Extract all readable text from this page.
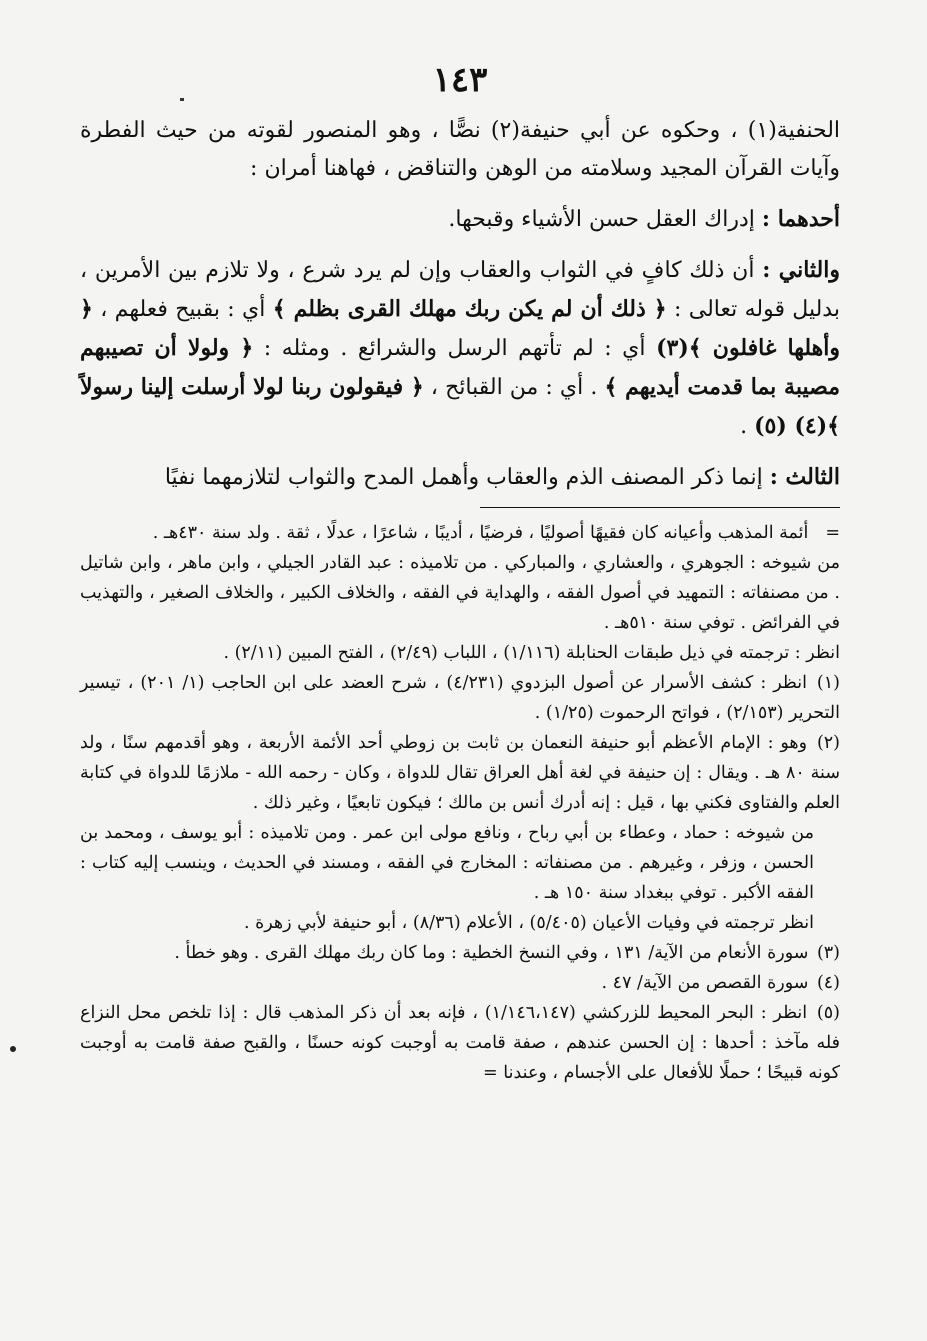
١٤٣

الحنفية(١) ، وحكوه عن أبي حنيفة(٢) نصًّا ، وهو المنصور لقوته من حيث الفطرة وآيات القرآن المجيد وسلامته من الوهن والتناقض ، فهاهنا أمران :

أحدهما : إدراك العقل حسن الأشياء وقبحها.

والثاني : أن ذلك كافٍ في الثواب والعقاب وإن لم يرد شرع ، ولا تلازم بين الأمرين ، بدليل قوله تعالى : ﴿ ذلك أن لم يكن ربك مهلك القرى بظلم ﴾ أي : بقبيح فعلهم ، ﴿ وأهلها غافلون ﴾(٣) أي : لم تأتهم الرسل والشرائع . ومثله : ﴿ ولولا أن تصيبهم مصيبة بما قدمت أيديهم ﴾ . أي : من القبائح ، ﴿ فيقولون ربنا لولا أرسلت إلينا رسولاً ﴾(٤) (٥) .

الثالث : إنما ذكر المصنف الذم والعقاب وأهمل المدح والثواب لتلازمهما نفيًا

= أئمة المذهب وأعيانه كان فقيهًا أصوليًا ، فرضيًا ، أديبًا ، شاعرًا ، عدلًا ، ثقة . ولد سنة ٤٣٠هـ .

من شيوخه : الجوهري ، والعشاري ، والمباركي . من تلاميذه : عبد القادر الجيلي ، وابن ماهر ، وابن شاتيل . من مصنفاته : التمهيد في أصول الفقه ، والهداية في الفقه ، والخلاف الكبير ، والخلاف الصغير ، والتهذيب في الفرائض . توفي سنة ٥١٠هـ .

انظر : ترجمته في ذيل طبقات الحنابلة (١/١١٦) ، اللباب (٢/٤٩) ، الفتح المبين (٢/١١) .

(١) انظر : كشف الأسرار عن أصول البزدوي (٤/٢٣١) ، شرح العضد على ابن الحاجب (١/ ٢٠١) ، تيسير التحرير (٢/١٥٣) ، فواتح الرحموت (١/٢٥) .

(٢) وهو : الإمام الأعظم أبو حنيفة النعمان بن ثابت بن زوطي أحد الأئمة الأربعة ، وهو أقدمهم سنًا ، ولد سنة ٨٠ هـ . ويقال : إن حنيفة في لغة أهل العراق تقال للدواة ، وكان - رحمه الله - ملازمًا للدواة في كتابة العلم والفتاوى فكني بها ، قيل : إنه أدرك أنس بن مالك ؛ فيكون تابعيًا ، وغير ذلك .

من شيوخه : حماد ، وعطاء بن أبي رباح ، ونافع مولى ابن عمر . ومن تلاميذه : أبو يوسف ، ومحمد بن الحسن ، وزفر ، وغيرهم . من مصنفاته : المخارج في الفقه ، ومسند في الحديث ، وينسب إليه كتاب : الفقه الأكبر . توفي ببغداد سنة ١٥٠ هـ .

انظر ترجمته في وفيات الأعيان (٥/٤٠٥) ، الأعلام (٨/٣٦) ، أبو حنيفة لأبي زهرة .

(٣) سورة الأنعام من الآية/ ١٣١ ، وفي النسخ الخطية : وما كان ربك مهلك القرى . وهو خطأ .

(٤) سورة القصص من الآية/ ٤٧ .

(٥) انظر : البحر المحيط للزركشي (١/١٤٦،١٤٧) ، فإنه بعد أن ذكر المذهب قال : إذا تلخص محل النزاع فله مآخذ : أحدها : إن الحسن عندهم ، صفة قامت به أوجبت كونه حسنًا ، والقبح صفة قامت به أوجبت كونه قبيحًا ؛ حملًا للأفعال على الأجسام ، وعندنا =
